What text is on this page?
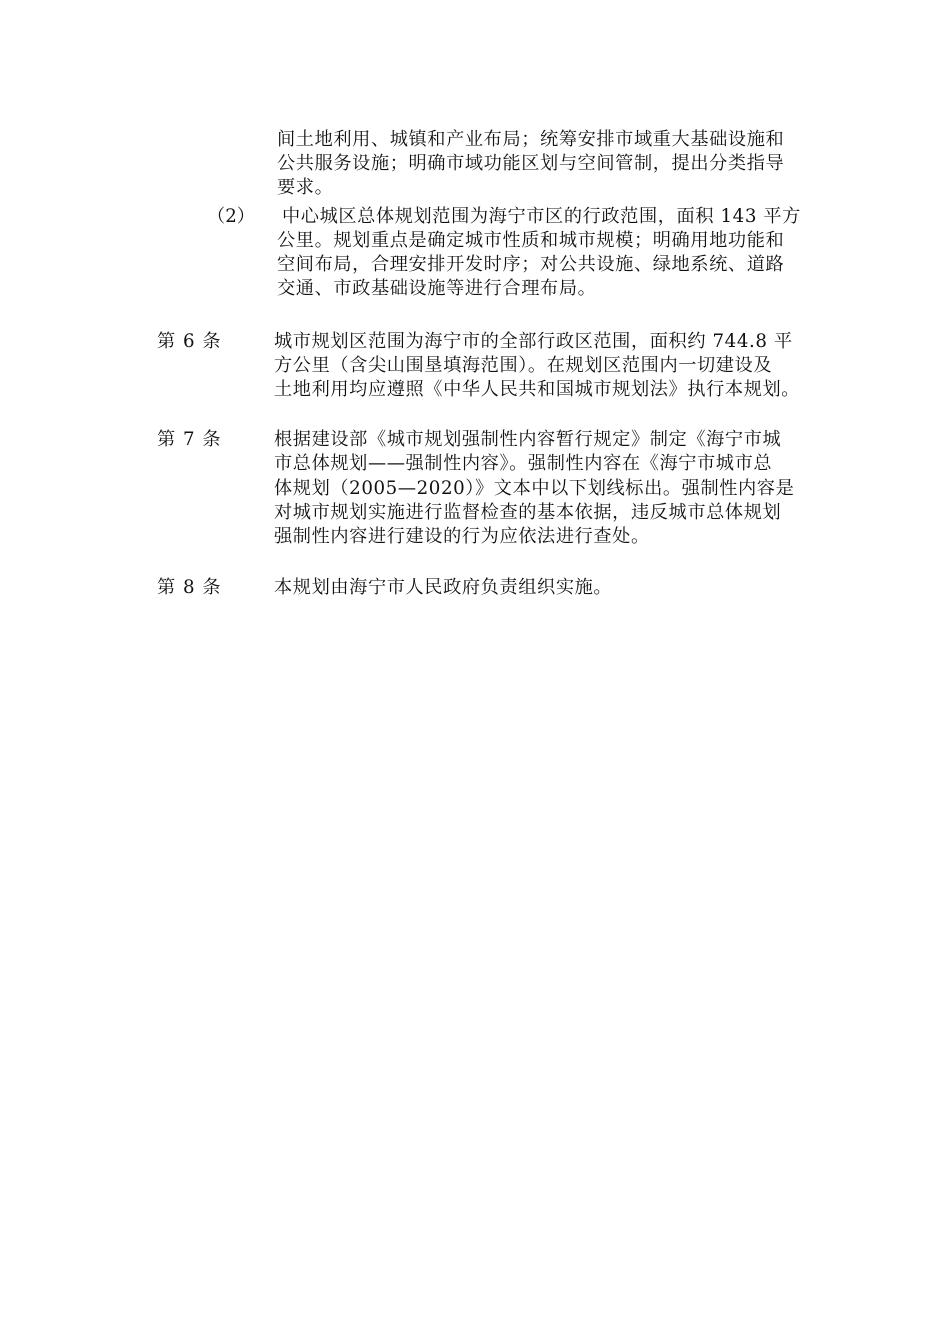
间土地利用、城镇和产业布局；统筹安排市域重大基础设施和
公共服务设施；明确市域功能区划与空间管制，提出分类指导
要求。
（2） 中心城区总体规划范围为海宁市区的行政范围，面积 143 平方
公里。规划重点是确定城市性质和城市规模；明确用地功能和
空间布局，合理安排开发时序；对公共设施、绿地系统、道路
交通、市政基础设施等进行合理布局。
第 6 条	城市规划区范围为海宁市的全部行政区范围，面积约 744.8 平
方公里（含尖山围垦填海范围）。在规划区范围内一切建设及
土地利用均应遵照《中华人民共和国城市规划法》执行本规划。
第 7 条	根据建设部《城市规划强制性内容暂行规定》制定《海宁市城
市总体规划——强制性内容》。强制性内容在《海宁市城市总
体规划（2005—2020）》文本中以下划线标出。强制性内容是
对城市规划实施进行监督检查的基本依据，违反城市总体规划
强制性内容进行建设的行为应依法进行查处。
第 8 条	本规划由海宁市人民政府负责组织实施。
